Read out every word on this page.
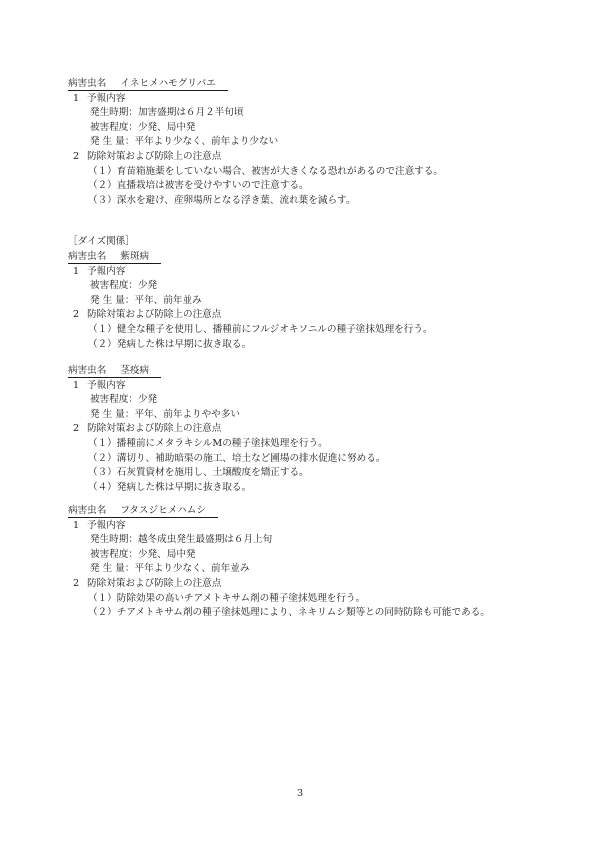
病害虫名 イネヒメハモグリバエ
1 予報内容
発生時期：加害盛期は６月２半旬頃
被害程度：少発、局中発
発 生 量：平年より少なく、前年より少ない
2 防除対策および防除上の注意点
（１）育苗箱施薬をしていない場合、被害が大きくなる恐れがあるので注意する。
（２）直播栽培は被害を受けやすいので注意する。
（３）深水を避け、産卵場所となる浮き葉、流れ葉を減らす。
［ダイズ関係］
病害虫名 紫斑病
1 予報内容
被害程度：少発
発 生 量：平年、前年並み
2 防除対策および防除上の注意点
（１）健全な種子を使用し、播種前にフルジオキソニルの種子塗抹処理を行う。
（２）発病した株は早期に抜き取る。
病害虫名 茎疫病
1 予報内容
被害程度：少発
発 生 量：平年、前年よりやや多い
2 防除対策および防除上の注意点
（１）播種前にメタラキシルMの種子塗抹処理を行う。
（２）溝切り、補助暗渠の施工、培土など圃場の排水促進に努める。
（３）石灰質資材を施用し、土壌酸度を矯正する。
（４）発病した株は早期に抜き取る。
病害虫名 フタスジヒメハムシ
1 予報内容
発生時期：越冬成虫発生最盛期は６月上旬
被害程度：少発、局中発
発 生 量：平年より少なく、前年並み
2 防除対策および防除上の注意点
（１）防除効果の高いチアメトキサム剤の種子塗抹処理を行う。
（２）チアメトキサム剤の種子塗抹処理により、ネキリムシ類等との同時防除も可能である。
3
